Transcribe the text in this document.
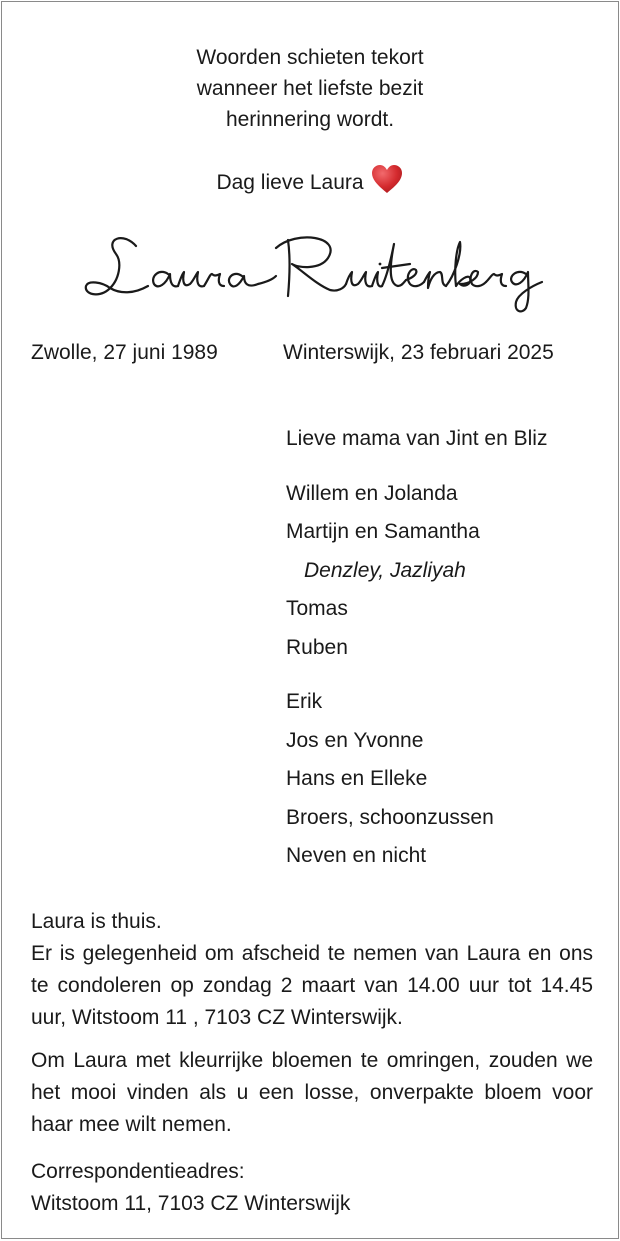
Woorden schieten tekort
wanneer het liefste bezit
herinnering wordt.
Dag lieve Laura
Zwolle, 27 juni 1989	Winterswijk, 23 februari 2025
Lieve mama van Jint en Bliz
Willem en Jolanda
Martijn en Samantha
Denzley, Jazliyah
Tomas
Ruben
Erik
Jos en Yvonne
Hans en Elleke
Broers, schoonzussen
Neven en nicht

Laura is thuis.

Er is gelegenheid om afscheid te nemen van Laura en ons te condoleren op zondag 2 maart van 14.00 uur tot 14.45 uur, Witstoom 11 , 7103 CZ Winterswijk.

Om Laura met kleurrijke bloemen te omringen, zouden we het mooi vinden als u een losse, onverpakte bloem voor haar mee wilt nemen.

Correspondentieadres:

Witstoom 11, 7103 CZ Winterswijk
